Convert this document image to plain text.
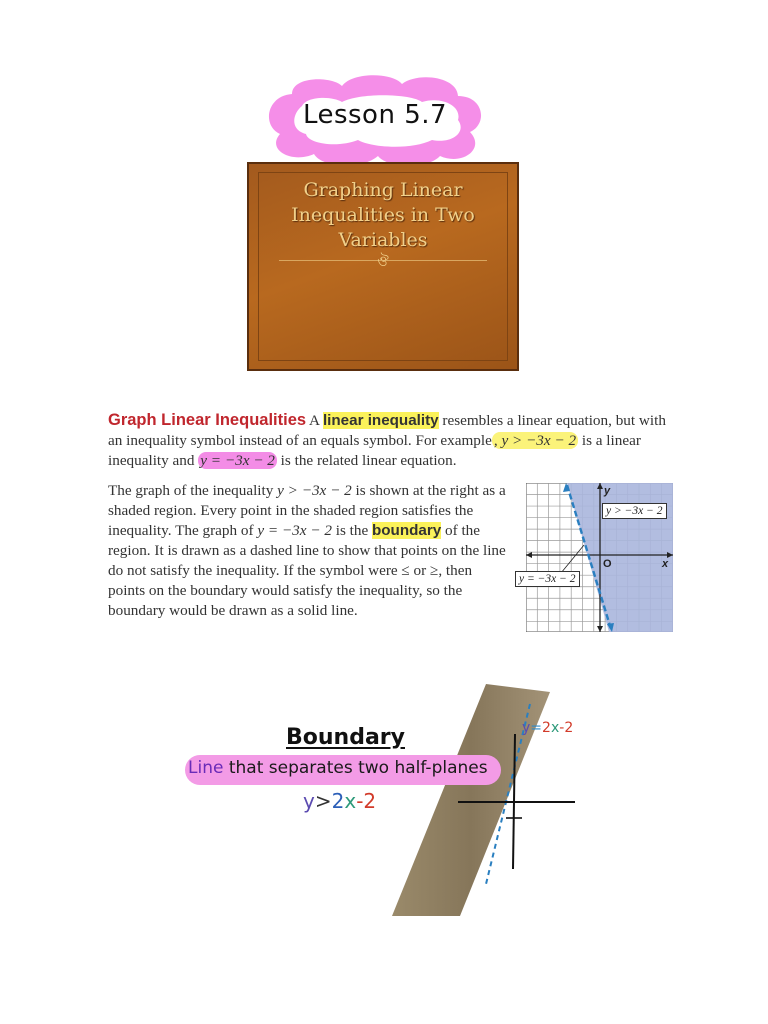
Lesson 5.7
Graphing Linear
Inequalities in Two
Variables
ঔ
Graph Linear Inequalities A linear inequality resembles a linear equation, but with an inequality symbol instead of an equals symbol. For example , y > −3x − 2 is a linear inequality and y = −3x − 2 is the related linear equation.
The graph of the inequality y > −3x − 2 is shown at the right as a shaded region. Every point in the shaded region satisfies the inequality. The graph of y = −3x − 2 is the boundary of the region. It is drawn as a dashed line to show that points on the line do not satisfy the inequality. If the symbol were ≤ or ≥, then points on the boundary would satisfy the inequality, so the boundary would be drawn as a solid line.
y
x
O
y > −3x − 2
y = −3x − 2
Boundary
Line that separates two half-planes
y>2x-2
y=2x-2
